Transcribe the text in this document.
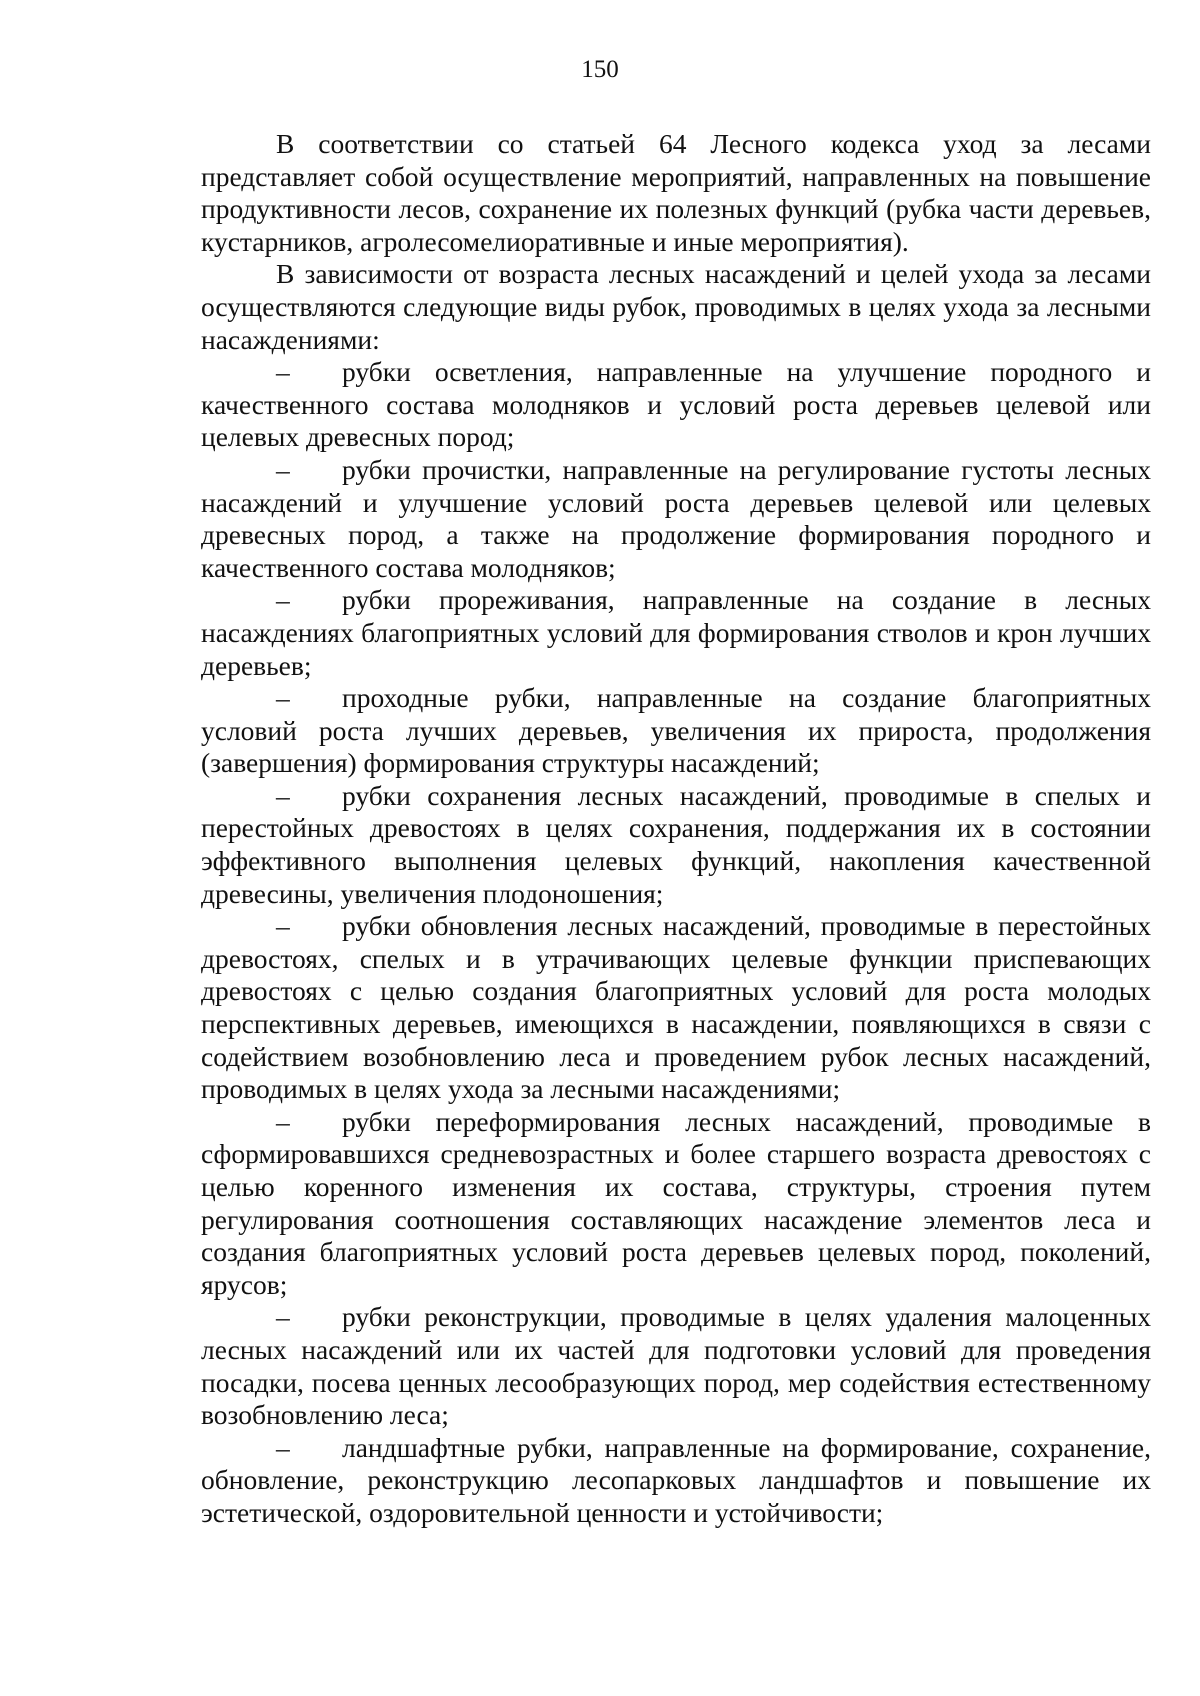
150

В соответствии со статьей 64 Лесного кодекса уход за лесами представляет собой осуществление мероприятий, направленных на повышение продуктивности лесов, сохранение их полезных функций (рубка части деревьев, кустарников, агролесомелиоративные и иные мероприятия).

В зависимости от возраста лесных насаждений и целей ухода за лесами осуществляются следующие виды рубок, проводимых в целях ухода за лесными насаждениями:

– рубки осветления, направленные на улучшение породного и качественного состава молодняков и условий роста деревьев целевой или целевых древесных пород;

– рубки прочистки, направленные на регулирование густоты лесных насаждений и улучшение условий роста деревьев целевой или целевых древесных пород, а также на продолжение формирования породного и качественного состава молодняков;

– рубки прореживания, направленные на создание в лесных насаждениях благоприятных условий для формирования стволов и крон лучших деревьев;

– проходные рубки, направленные на создание благоприятных условий роста лучших деревьев, увеличения их прироста, продолжения (завершения) формирования структуры насаждений;

– рубки сохранения лесных насаждений, проводимые в спелых и перестойных древостоях в целях сохранения, поддержания их в состоянии эффективного выполнения целевых функций, накопления качественной древесины, увеличения плодоношения;

– рубки обновления лесных насаждений, проводимые в перестойных древостоях, спелых и в утрачивающих целевые функции приспевающих древостоях с целью создания благоприятных условий для роста молодых перспективных деревьев, имеющихся в насаждении, появляющихся в связи с содействием возобновлению леса и проведением рубок лесных насаждений, проводимых в целях ухода за лесными насаждениями;

– рубки переформирования лесных насаждений, проводимые в сформировавшихся средневозрастных и более старшего возраста древостоях с целью коренного изменения их состава, структуры, строения путем регулирования соотношения составляющих насаждение элементов леса и создания благоприятных условий роста деревьев целевых пород, поколений, ярусов;

– рубки реконструкции, проводимые в целях удаления малоценных лесных насаждений или их частей для подготовки условий для проведения посадки, посева ценных лесообразующих пород, мер содействия естественному возобновлению леса;

– ландшафтные рубки, направленные на формирование, сохранение, обновление, реконструкцию лесопарковых ландшафтов и повышение их эстетической, оздоровительной ценности и устойчивости;
